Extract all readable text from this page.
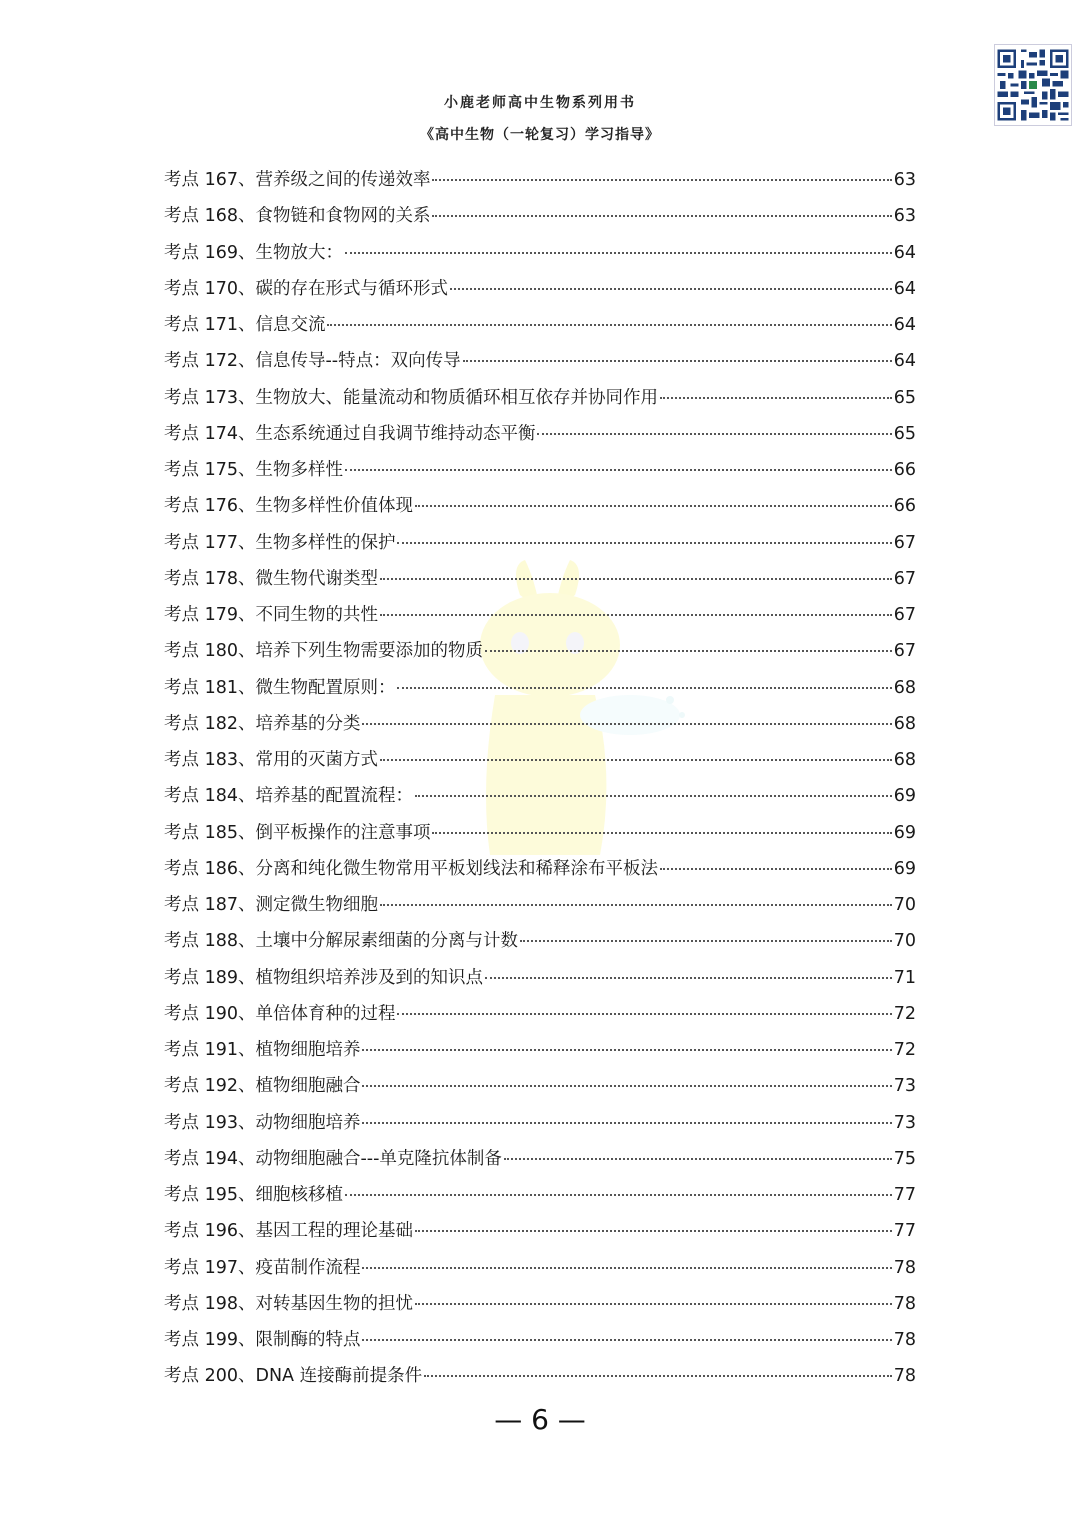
小鹿老师高中生物系列用书
《高中生物（一轮复习）学习指导》
考点 167、营养级之间的传递效率	63
考点 168、食物链和食物网的关系	63
考点 169、生物放大：	64
考点 170、碳的存在形式与循环形式	64
考点 171、信息交流	64
考点 172、信息传导--特点：双向传导	64
考点 173、生物放大、能量流动和物质循环相互依存并协同作用	65
考点 174、生态系统通过自我调节维持动态平衡	65
考点 175、生物多样性	66
考点 176、生物多样性价值体现	66
考点 177、生物多样性的保护	67
考点 178、微生物代谢类型	67
考点 179、不同生物的共性	67
考点 180、培养下列生物需要添加的物质	67
考点 181、微生物配置原则：	68
考点 182、培养基的分类	68
考点 183、常用的灭菌方式	68
考点 184、培养基的配置流程：	69
考点 185、倒平板操作的注意事项	69
考点 186、分离和纯化微生物常用平板划线法和稀释涂布平板法	69
考点 187、测定微生物细胞	70
考点 188、土壤中分解尿素细菌的分离与计数	70
考点 189、植物组织培养涉及到的知识点	71
考点 190、单倍体育种的过程	72
考点 191、植物细胞培养	72
考点 192、植物细胞融合	73
考点 193、动物细胞培养	73
考点 194、动物细胞融合---单克隆抗体制备	75
考点 195、细胞核移植	77
考点 196、基因工程的理论基础	77
考点 197、疫苗制作流程	78
考点 198、对转基因生物的担忧	78
考点 199、限制酶的特点	78
考点 200、DNA 连接酶前提条件	78
— 6 —
